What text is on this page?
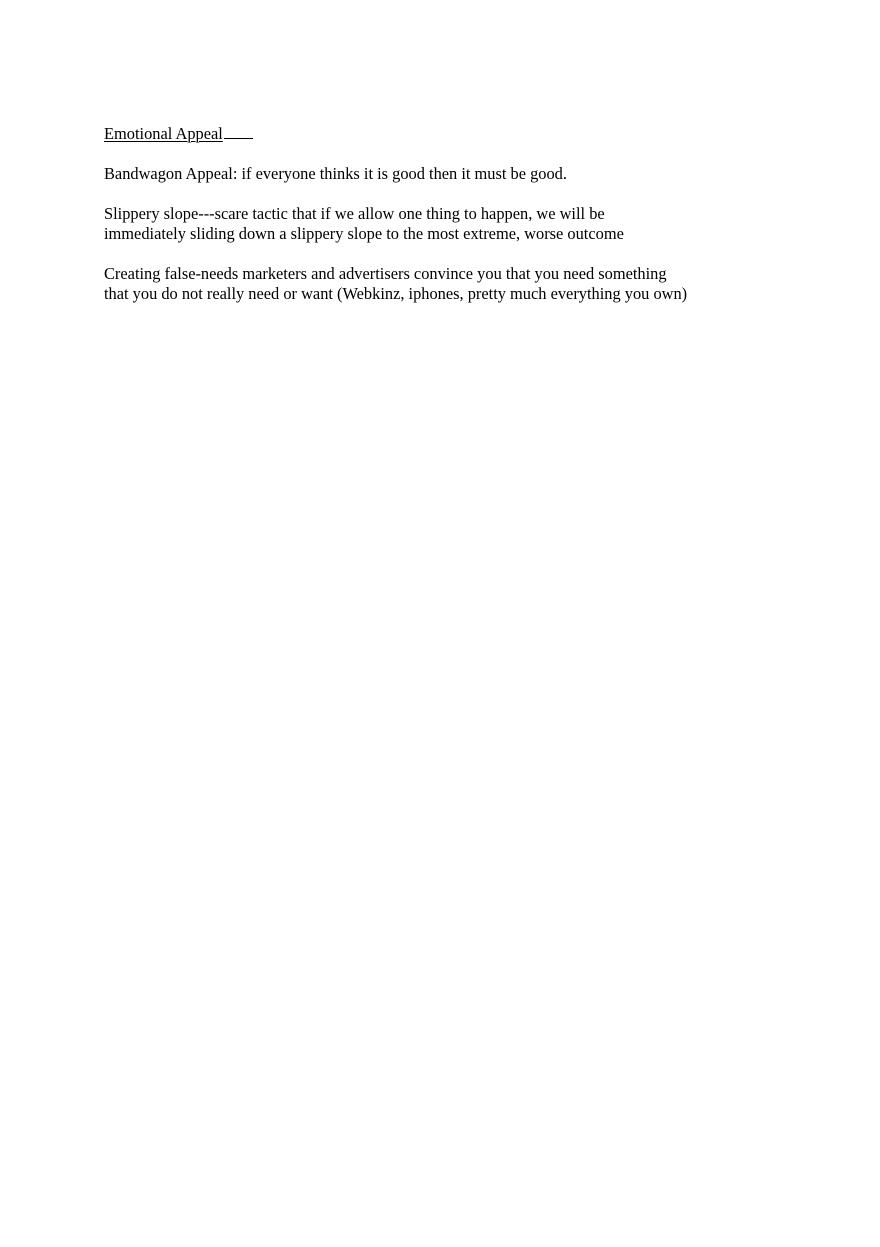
Emotional Appeal
Bandwagon Appeal: if everyone thinks it is good then it must be good.
Slippery slope---scare tactic that if we allow one thing to happen, we will be
immediately sliding down a slippery slope to the most extreme, worse outcome
Creating false-needs marketers and advertisers convince you that you need something
that you do not really need or want (Webkinz, iphones, pretty much everything you own)
